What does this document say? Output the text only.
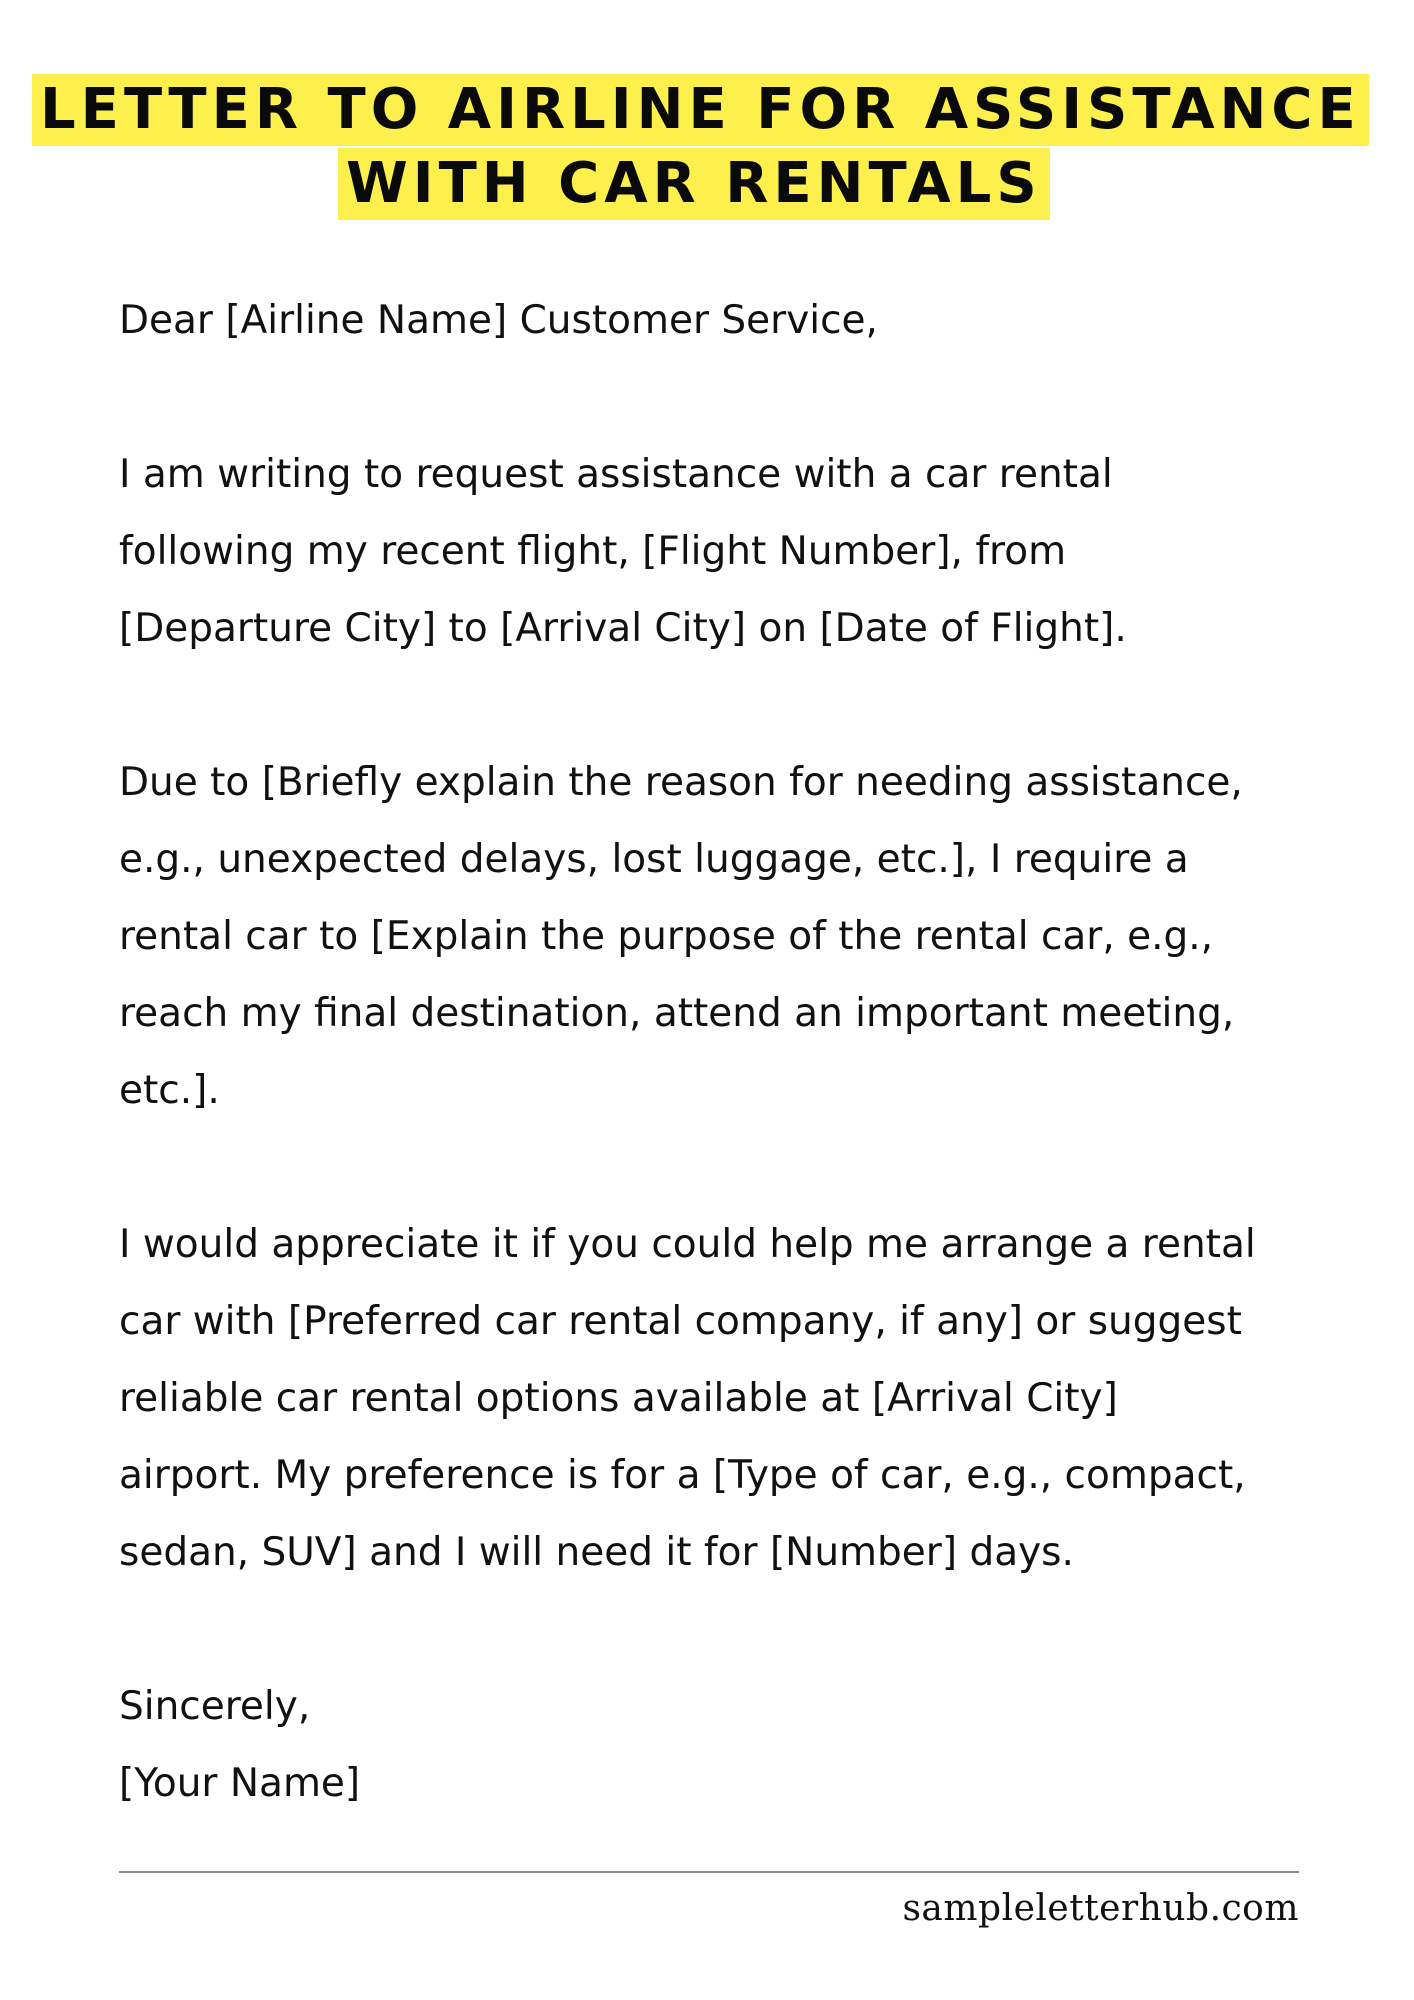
LETTER TO AIRLINE FOR ASSISTANCE
WITH CAR RENTALS

Dear [Airline Name] Customer Service,

I am writing to request assistance with a car rental

following my recent flight, [Flight Number], from

[Departure City] to [Arrival City] on [Date of Flight].

Due to [Briefly explain the reason for needing assistance,

e.g., unexpected delays, lost luggage, etc.], I require a

rental car to [Explain the purpose of the rental car, e.g.,

reach my final destination, attend an important meeting,

etc.].

I would appreciate it if you could help me arrange a rental

car with [Preferred car rental company, if any] or suggest

reliable car rental options available at [Arrival City]

airport. My preference is for a [Type of car, e.g., compact,

sedan, SUV] and I will need it for [Number] days.

Sincerely,

[Your Name]

sampleletterhub.com
